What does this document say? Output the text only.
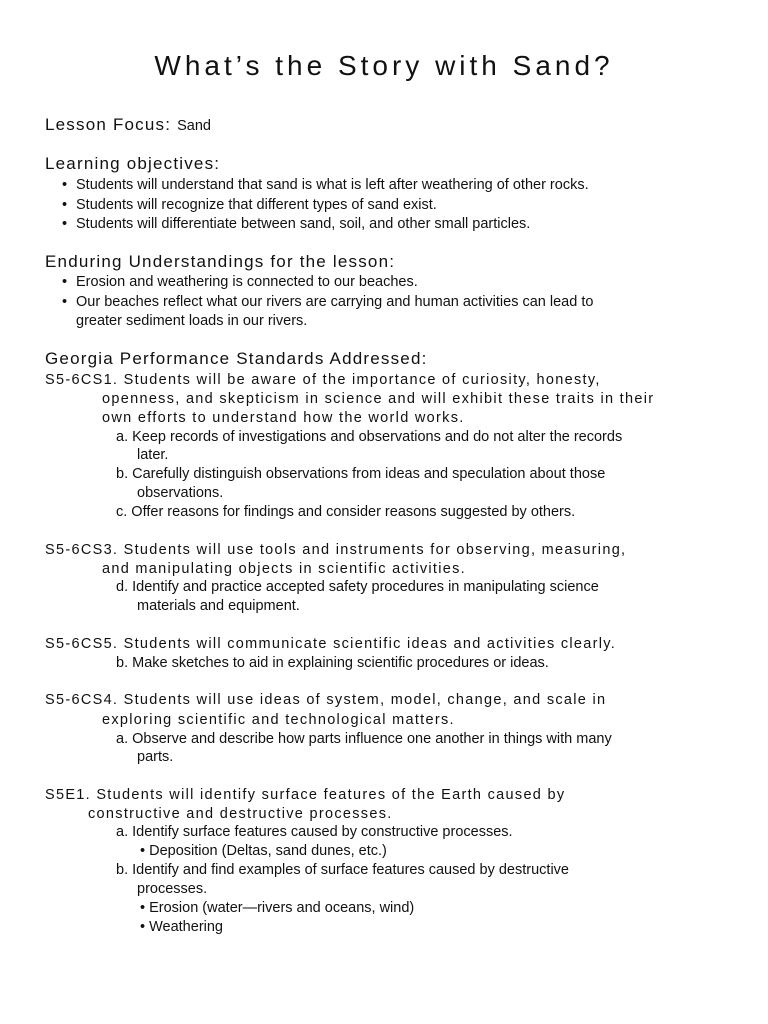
What’s the Story with Sand?
Lesson Focus: Sand
Learning objectives:
• Students will understand that sand is what is left after weathering of other rocks.
• Students will recognize that different types of sand exist.
• Students will differentiate between sand, soil, and other small particles.
Enduring Understandings for the lesson:
• Erosion and weathering is connected to our beaches.
• Our beaches reflect what our rivers are carrying and human activities can lead to
greater sediment loads in our rivers.
Georgia Performance Standards Addressed:
S5-6CS1. Students will be aware of the importance of curiosity, honesty,
openness, and skepticism in science and will exhibit these traits in their
own efforts to understand how the world works.
a. Keep records of investigations and observations and do not alter the records
later.
b. Carefully distinguish observations from ideas and speculation about those
observations.
c. Offer reasons for findings and consider reasons suggested by others.
S5-6CS3. Students will use tools and instruments for observing, measuring,
and manipulating objects in scientific activities.
d. Identify and practice accepted safety procedures in manipulating science
materials and equipment.
S5-6CS5. Students will communicate scientific ideas and activities clearly.
b. Make sketches to aid in explaining scientific procedures or ideas.
S5-6CS4. Students will use ideas of system, model, change, and scale in
exploring scientific and technological matters.
a. Observe and describe how parts influence one another in things with many
parts.
S5E1. Students will identify surface features of the Earth caused by
constructive and destructive processes.
a. Identify surface features caused by constructive processes.
• Deposition (Deltas, sand dunes, etc.)
b. Identify and find examples of surface features caused by destructive
processes.
• Erosion (water—rivers and oceans, wind)
• Weathering
